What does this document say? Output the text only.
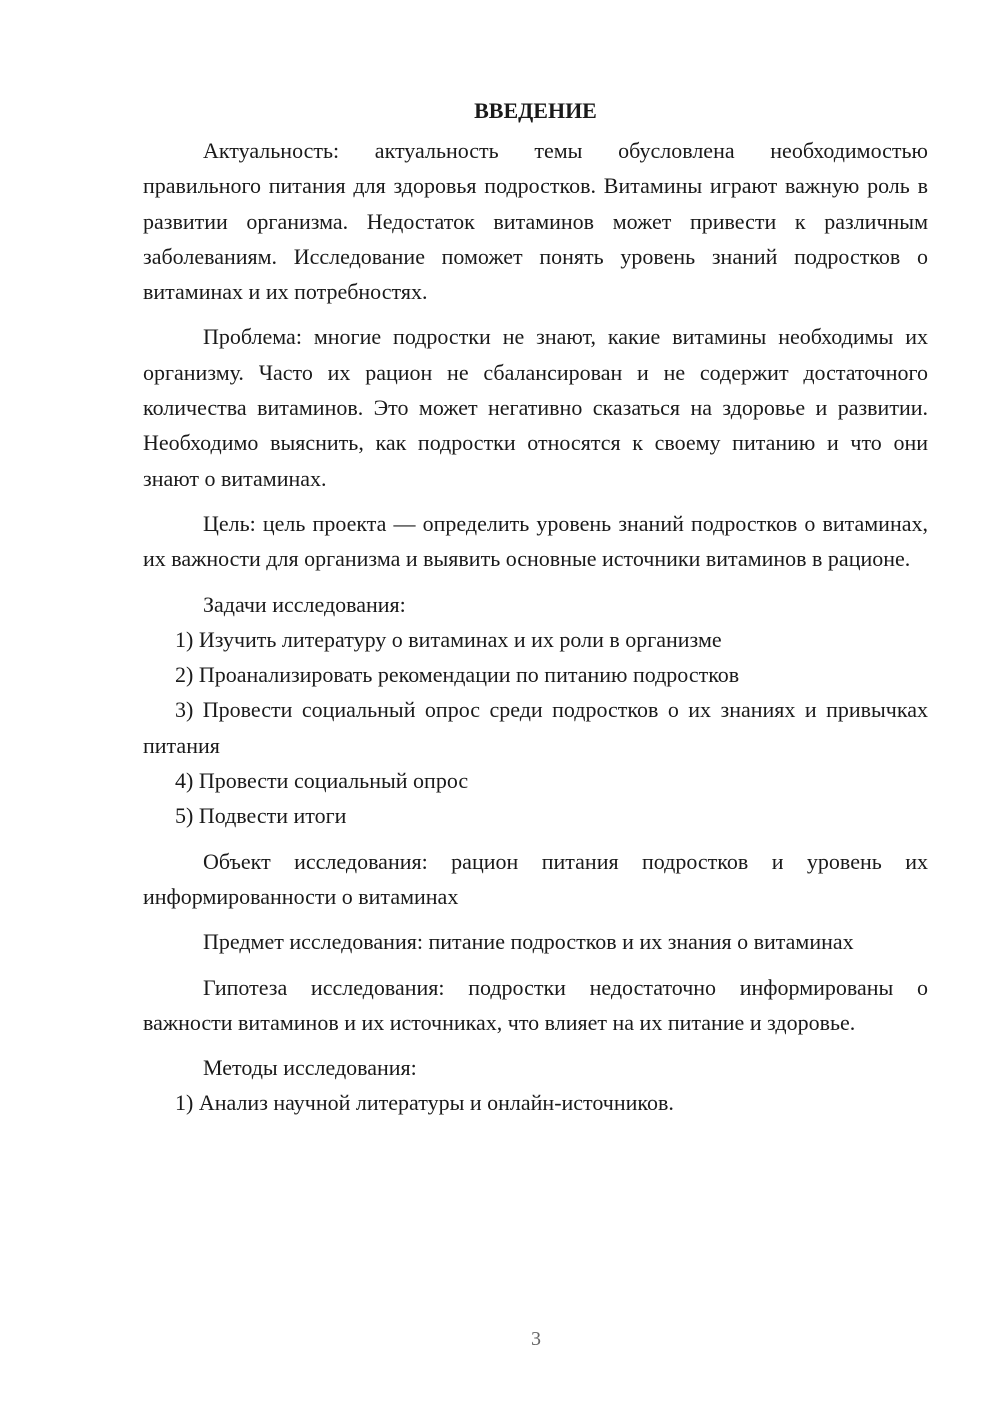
ВВЕДЕНИЕ

Актуальность: актуальность темы обусловлена необходимостью правильного питания для здоровья подростков. Витамины играют важную роль в развитии организма. Недостаток витаминов может привести к различным заболеваниям. Исследование поможет понять уровень знаний подростков о витаминах и их потребностях.

Проблема: многие подростки не знают, какие витамины необходимы их организму. Часто их рацион не сбалансирован и не содержит достаточного количества витаминов. Это может негативно сказаться на здоровье и развитии. Необходимо выяснить, как подростки относятся к своему питанию и что они знают о витаминах.

Цель: цель проекта — определить уровень знаний подростков о витаминах, их важности для организма и выявить основные источники витаминов в рационе.

Задачи исследования:

1) Изучить литературу о витаминах и их роли в организме

2) Проанализировать рекомендации по питанию подростков

3) Провести социальный опрос среди подростков о их знаниях и привычках питания

4) Провести социальный опрос

5) Подвести итоги

Объект исследования: рацион питания подростков и уровень их информированности о витаминах

Предмет исследования: питание подростков и их знания о витаминах

Гипотеза исследования: подростки недостаточно информированы о важности витаминов и их источниках, что влияет на их питание и здоровье.

Методы исследования:

1) Анализ научной литературы и онлайн-источников.

3
